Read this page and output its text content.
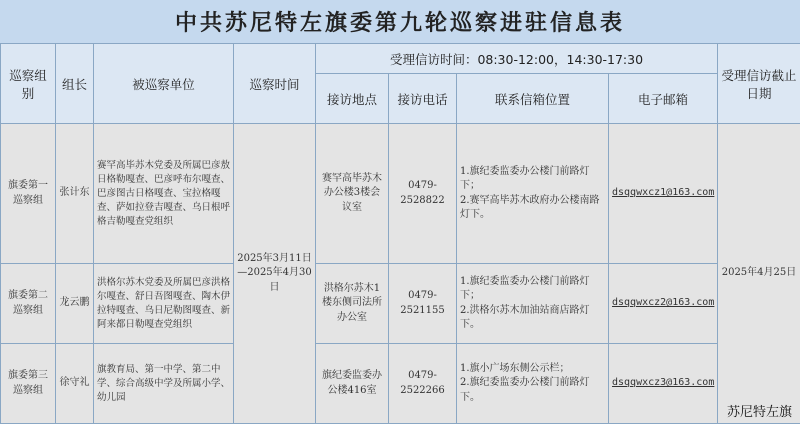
中共苏尼特左旗委第九轮巡察进驻信息表
巡察组别	组长	被巡察单位	巡察时间	受理信访时间：08:30-12:00，14:30-17:30				受理信访截止日期
				接访地点	接访电话	联系信箱位置	电子邮箱	
旗委第一巡察组	张计东	赛罕高毕苏木党委及所属巴彦敖日格勒嘎查、巴彦呼布尔嘎查、巴彦图古日格嘎查、宝拉格嘎查、萨如拉登吉嘎查、乌日根呼格吉勒嘎查党组织	2025年3月11日—2025年4月30日	赛罕高毕苏木办公楼3楼会议室	0479-2528822	1.旗纪委监委办公楼门前路灯下；
2.赛罕高毕苏木政府办公楼南路灯下。	dsqqwxcz1@163.com	2025年4月25日
旗委第二巡察组	龙云鹏	洪格尔苏木党委及所属巴彦洪格尔嘎查、舒日吾图嘎查、陶木伊拉特嘎查、乌日尼勒图嘎查、新阿来都日勒嘎查党组织		洪格尔苏木1楼东侧司法所办公室	0479-2521155	1.旗纪委监委办公楼门前路灯下；
2.洪格尔苏木加油站商店路灯下。	dsqqwxcz2@163.com	
旗委第三巡察组	徐守礼	旗教育局、第一中学、第二中学、综合高级中学及所属小学、幼儿园		旗纪委监委办公楼416室	0479-2522266	1.旗小广场东侧公示栏；
2.旗纪委监委办公楼门前路灯下。	dsqqwxcz3@163.com	
苏尼特左旗
